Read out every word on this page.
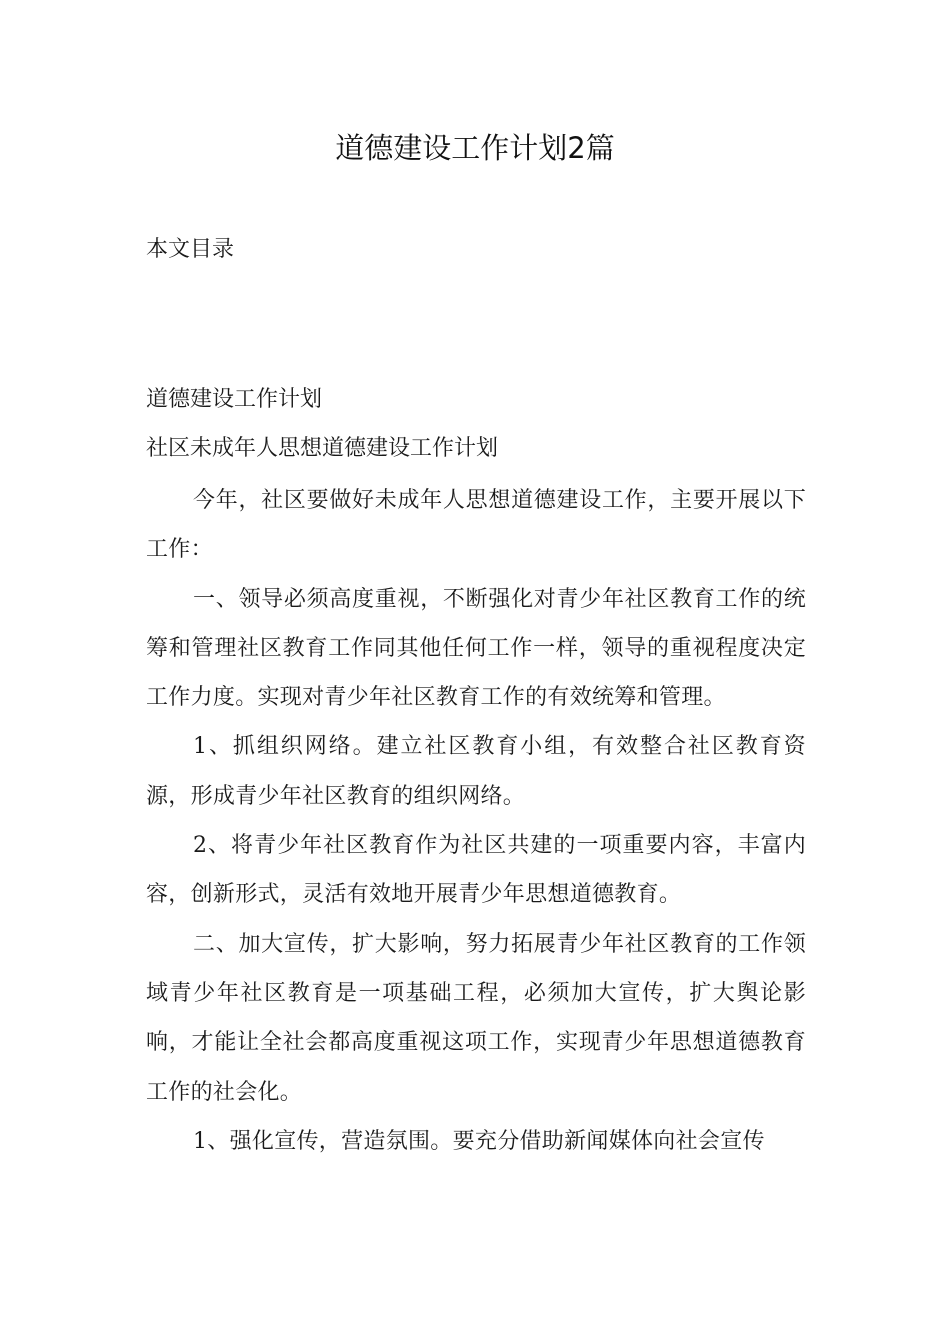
道德建设工作计划2篇
本文目录
道德建设工作计划
社区未成年人思想道德建设工作计划

今年，社区要做好未成年人思想道德建设工作，主要开展以下工作：

一、领导必须高度重视，不断强化对青少年社区教育工作的统筹和管理社区教育工作同其他任何工作一样，领导的重视程度决定工作力度。实现对青少年社区教育工作的有效统筹和管理。

1、抓组织网络。建立社区教育小组，有效整合社区教育资源，形成青少年社区教育的组织网络。

2、将青少年社区教育作为社区共建的一项重要内容，丰富内容，创新形式，灵活有效地开展青少年思想道德教育。

二、加大宣传，扩大影响，努力拓展青少年社区教育的工作领域青少年社区教育是一项基础工程，必须加大宣传，扩大舆论影响，才能让全社会都高度重视这项工作，实现青少年思想道德教育工作的社会化。

1、强化宣传，营造氛围。要充分借助新闻媒体向社会宣传
